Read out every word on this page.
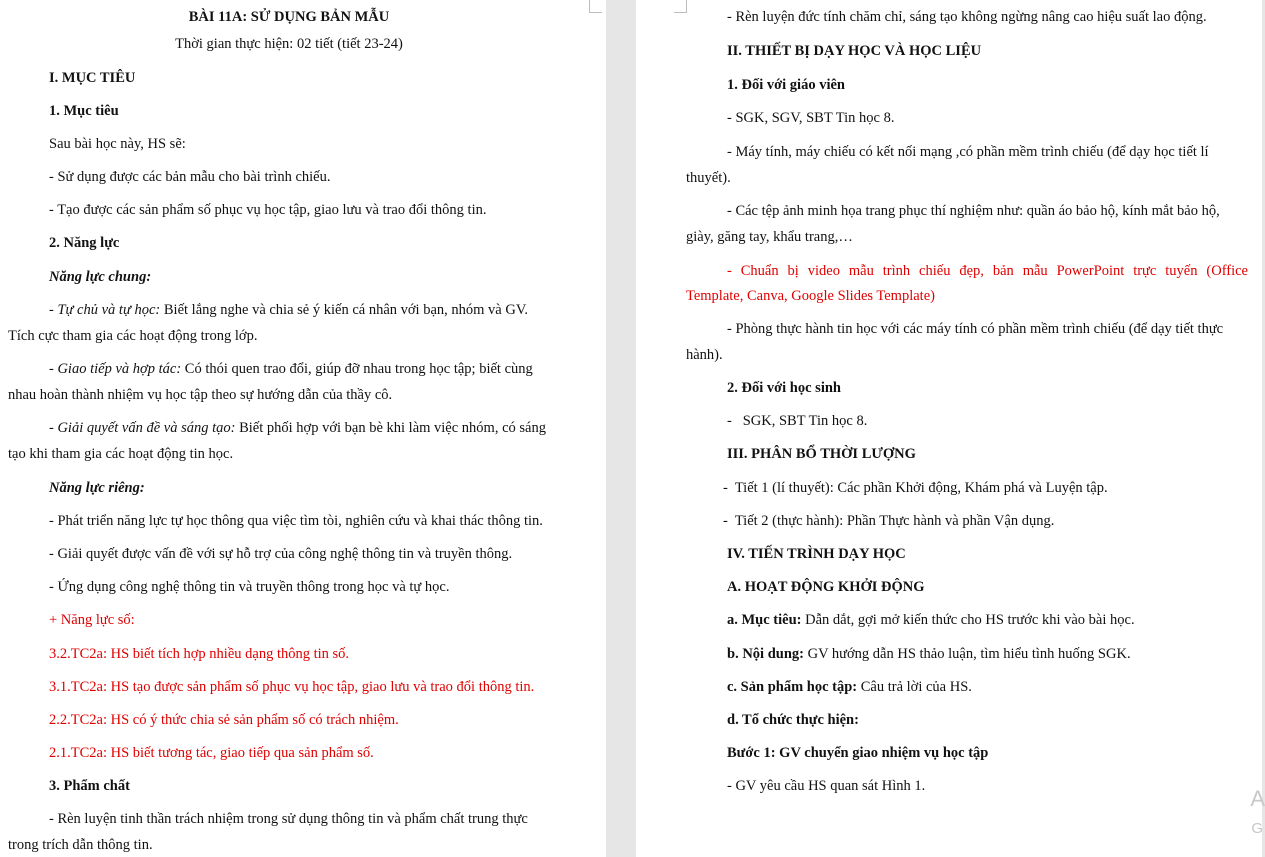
BÀI 11A: SỬ DỤNG BẢN MẪU
Thời gian thực hiện: 02 tiết (tiết 23-24)
I. MỤC TIÊU
1. Mục tiêu
Sau bài học này, HS sẽ:
- Sử dụng được các bản mẫu cho bài trình chiếu.
- Tạo được các sản phẩm số phục vụ học tập, giao lưu và trao đổi thông tin.
2. Năng lực
Năng lực chung:
- Tự chủ và tự học: Biết lắng nghe và chia sẻ ý kiến cá nhân với bạn, nhóm và GV.
Tích cực tham gia các hoạt động trong lớp.
- Giao tiếp và hợp tác: Có thói quen trao đổi, giúp đỡ nhau trong học tập; biết cùng
nhau hoàn thành nhiệm vụ học tập theo sự hướng dẫn của thầy cô.
- Giải quyết vấn đề và sáng tạo: Biết phối hợp với bạn bè khi làm việc nhóm, có sáng
tạo khi tham gia các hoạt động tin học.
Năng lực riêng:
- Phát triển năng lực tự học thông qua việc tìm tòi, nghiên cứu và khai thác thông tin.
- Giải quyết được vấn đề với sự hỗ trợ của công nghệ thông tin và truyền thông.
- Ứng dụng công nghệ thông tin và truyền thông trong học và tự học.
+ Năng lực số:
3.2.TC2a: HS biết tích hợp nhiều dạng thông tin số.
3.1.TC2a: HS tạo được sản phẩm số phục vụ học tập, giao lưu và trao đổi thông tin.
2.2.TC2a: HS có ý thức chia sẻ sản phẩm số có trách nhiệm.
2.1.TC2a: HS biết tương tác, giao tiếp qua sản phẩm số.
3. Phẩm chất
- Rèn luyện tinh thần trách nhiệm trong sử dụng thông tin và phẩm chất trung thực
trong trích dẫn thông tin.
- Rèn luyện đức tính chăm chỉ, sáng tạo không ngừng nâng cao hiệu suất lao động.
II. THIẾT BỊ DẠY HỌC VÀ HỌC LIỆU
1. Đối với giáo viên
- SGK, SGV, SBT Tin học 8.
- Máy tính, máy chiếu có kết nối mạng ,có phần mềm trình chiếu (để dạy học tiết lí
thuyết).
- Các tệp ảnh minh họa trang phục thí nghiệm như: quần áo bảo hộ, kính mắt bảo hộ,
giày, găng tay, khẩu trang,…
- Chuẩn bị video mẫu trình chiếu đẹp, bản mẫu PowerPoint trực tuyến (Office
Template, Canva, Google Slides Template)
- Phòng thực hành tin học với các máy tính có phần mềm trình chiếu (để dạy tiết thực
hành).
2. Đối với học sinh
-   SGK, SBT Tin học 8.
III. PHÂN BỔ THỜI LƯỢNG
-  Tiết 1 (lí thuyết): Các phần Khởi động, Khám phá và Luyện tập.
-  Tiết 2 (thực hành): Phần Thực hành và phần Vận dụng.
IV. TIẾN TRÌNH DẠY HỌC
A. HOẠT ĐỘNG KHỞI ĐỘNG
a. Mục tiêu: Dẫn dắt, gợi mở kiến thức cho HS trước khi vào bài học.
b. Nội dung: GV hướng dẫn HS thảo luận, tìm hiểu tình huống SGK.
c. Sản phẩm học tập: Câu trả lời của HS.
d. Tổ chức thực hiện:
Bước 1: GV chuyển giao nhiệm vụ học tập
- GV yêu cầu HS quan sát Hình 1.	A
G
